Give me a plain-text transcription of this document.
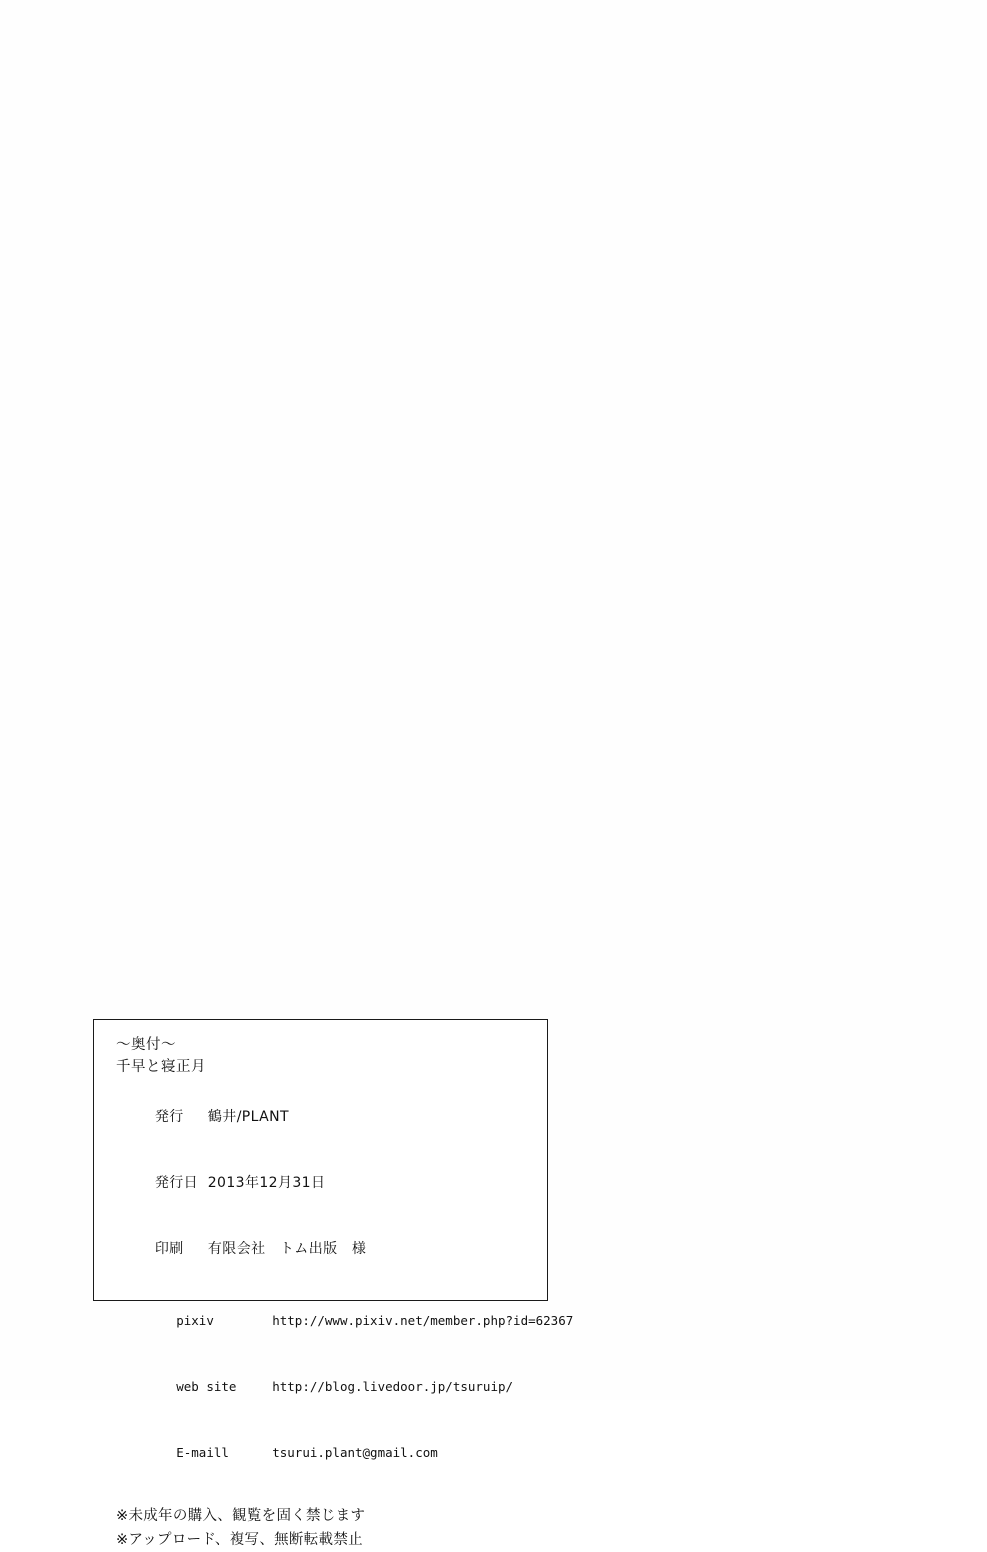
〜奥付〜
千早と寝正月

発行 鶴井/PLANT

発行日 2013年12月31日

印刷 有限会社　トム出版　様

pixiv	http://www.pixiv.net/member.php?id=62367

web site	http://blog.livedoor.jp/tsuruip/

E-maill	tsurui.plant@gmail.com

※未成年の購入、観覧を固く禁じます
※アップロード、複写、無断転載禁止
